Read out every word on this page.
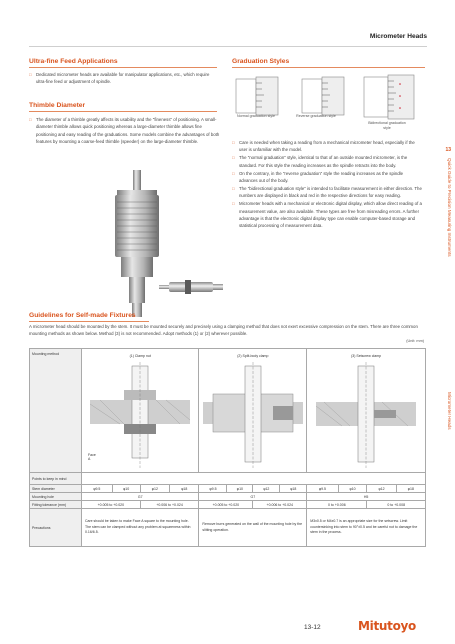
Micrometer Heads
Ultra-fine Feed Applications
□ Dedicated micrometer heads are available for manipulator applications, etc., which require ultra-fine feed or adjustment of spindle.
Thimble Diameter
□ The diameter of a thimble greatly affects its usability and the "fineness" of positioning. A small-diameter thimble allows quick positioning whereas a large-diameter thimble allows fine positioning and easy reading of the graduations. Some models combine the advantages of both features by mounting a coarse-feed thimble (speeder) on the large-diameter thimble.
Graduation Styles
Normal graduation style	Reverse graduation style
Bidirectional graduation style
□ Care is needed when taking a reading from a mechanical micrometer head, especially if the user is unfamiliar with the model.
□ The "normal graduation" style, identical to that of an outside mounted micrometer, is the standard. For this style the reading increases as the spindle retracts into the body.
□ On the contrary, in the "reverse graduation" style the reading increases as the spindle advances out of the body.
□ The "bidirectional graduation style" is intended to facilitate measurement in either direction. The numbers are displayed in black and red in the respective directions for easy reading.
□ Micrometer heads with a mechanical or electronic digital display, which allow direct reading of a measurement value, are also available. These types are free from misreading errors. A further advantage is that the electronic digital display type can enable computer-based storage and statistical processing of measurement data.
13
Quick Guide to Precision Measuring Instruments
Micrometer Heads
Guidelines for Self-made Fixtures
A micrometer head should be mounted by the stem. It must be mounted securely and precisely using a clamping method that does not exert excessive compression on the stem. There are three common mounting methods as shown below. Method (3) is not recommended. Adopt methods (1) or (2) wherever possible.
(Unit: mm)
Mounting method	(1) Clamp nut				(2) Split-body clamp				(3) Setscrew clamp			

Face A
Points to keep in mind												
Stem diameter	φ9.5	φ10	φ12	φ18	φ9.5	φ10	φ12	φ18	φ9.5	φ10	φ12	φ18
Mounting hole	G7				G7				H5			
Fitting tolerance (mm)	+0.005 to +0.020		+0.006 to +0.024		+0.005 to +0.020		+0.006 to +0.024		0 to +0.006		0 to +0.008	
Precautions	Care should be taken to make Face A square to the mounting hole. The stem can be clamped without any problem at squareness within 0.16/6.5.				Remove burrs generated on the wall of the mounting hole by the slitting operation.				M3x0.5 or M4x0.7 is an appropriate size for the setscrew. Limit countersinking into stem to 90°±0.5 and be careful not to damage the stem in the process.			
13-12	Mitutoyo
